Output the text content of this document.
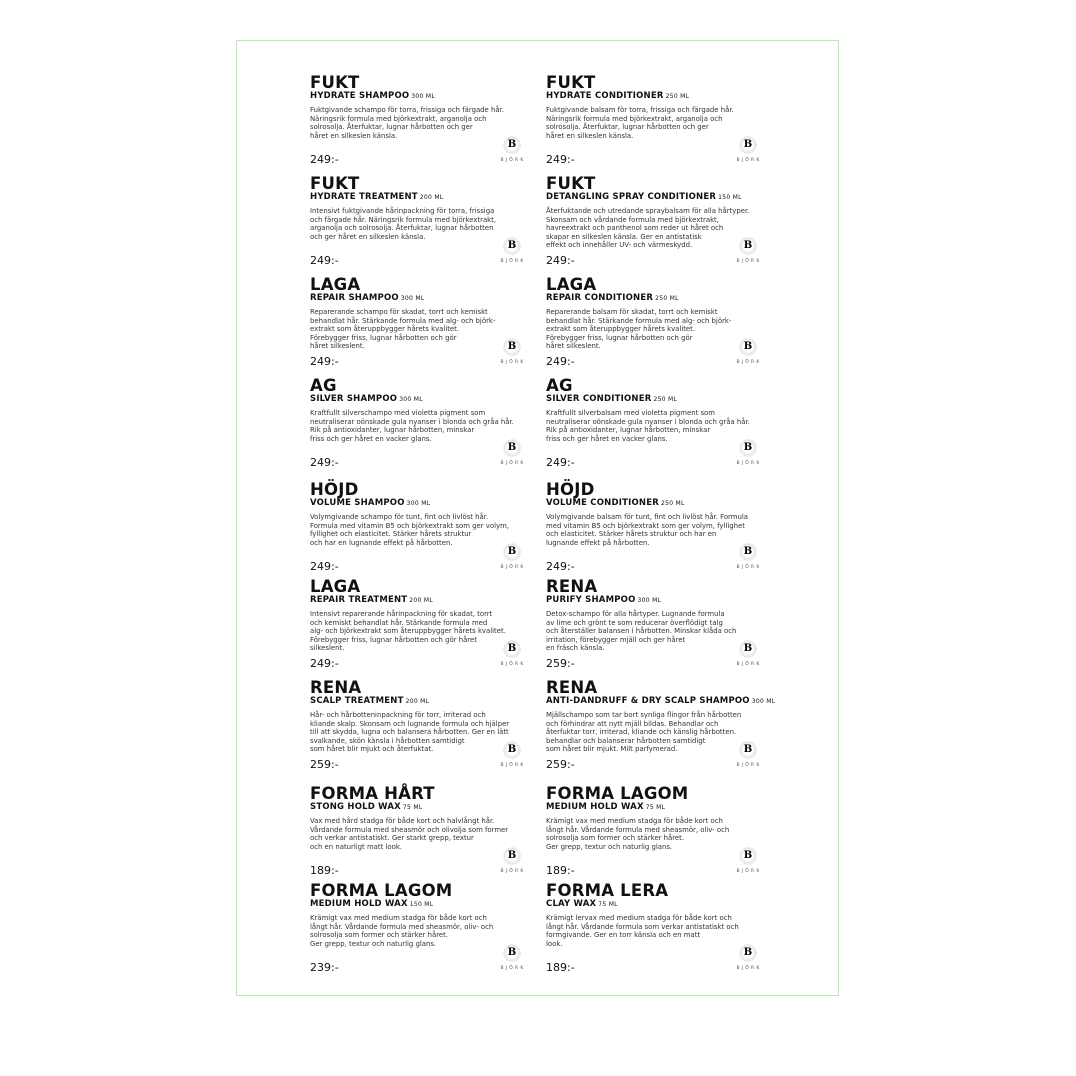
FUKT
HYDRATE SHAMPOO 300 ML
Fuktgivande schampo för torra, frissiga och färgade hår.
Näringsrik formula med björkextrakt, arganolja och
solrosolja. Återfuktar, lugnar hårbotten och ger
håret en silkeslen känsla.
249:-
B
BJÖRK
FUKT
HYDRATE CONDITIONER 250 ML
Fuktgivande balsam för torra, frissiga och färgade hår.
Näringsrik formula med björkextrakt, arganolja och
solrosolja. Återfuktar, lugnar hårbotten och ger
håret en silkeslen känsla.
249:-
B
BJÖRK
FUKT
HYDRATE TREATMENT 200 ML
Intensivt fuktgivande hårinpackning för torra, frissiga
och färgade hår. Näringsrik formula med björkextrakt,
arganolja och solrosolja. Återfuktar, lugnar hårbotten
och ger håret en silkeslen känsla.
249:-
B
BJÖRK
FUKT
DETANGLING SPRAY CONDITIONER 150 ML
Återfuktande och utredande spraybalsam för alla hårtyper.
Skonsam och vårdande formula med björkextrakt,
havreextrakt och panthenol som reder ut håret och
skapar en silkeslen känsla. Ger en antistatisk
effekt och innehåller UV- och värmeskydd.
249:-
B
BJÖRK
LAGA
REPAIR SHAMPOO 300 ML
Reparerande schampo för skadat, torrt och kemiskt
behandlat hår. Stärkande formula med alg- och björk-
extrakt som återuppbygger hårets kvalitet.
Förebygger friss, lugnar hårbotten och gör
håret silkeslent.
249:-
B
BJÖRK
LAGA
REPAIR CONDITIONER 250 ML
Reparerande balsam för skadat, torrt och kemiskt
behandlat hår. Stärkande formula med alg- och björk-
extrakt som återuppbygger hårets kvalitet.
Förebygger friss, lugnar hårbotten och gör
håret silkeslent.
249:-
B
BJÖRK
AG
SILVER SHAMPOO 300 ML
Kraftfullt silverschampo med violetta pigment som
neutraliserar oönskade gula nyanser i blonda och gråa hår.
Rik på antioxidanter, lugnar hårbotten, minskar
friss och ger håret en vacker glans.
249:-
B
BJÖRK
AG
SILVER CONDITIONER 250 ML
Kraftfullt silverbalsam med violetta pigment som
neutraliserar oönskade gula nyanser i blonda och gråa hår.
Rik på antioxidanter, lugnar hårbotten, minskar
friss och ger håret en vacker glans.
249:-
B
BJÖRK
HÖJD
VOLUME SHAMPOO 300 ML
Volymgivande schampo för tunt, fint och livlöst hår.
Formula med vitamin B5 och björkextrakt som ger volym,
fyllighet och elasticitet. Stärker hårets struktur
och har en lugnande effekt på hårbotten.
249:-
B
BJÖRK
HÖJD
VOLUME CONDITIONER 250 ML
Volymgivande balsam för tunt, fint och livlöst hår. Formula
med vitamin B5 och björkextrakt som ger volym, fyllighet
och elasticitet. Stärker hårets struktur och har en
lugnande effekt på hårbotten.
249:-
B
BJÖRK
LAGA
REPAIR TREATMENT 200 ML
Intensivt reparerande hårinpackning för skadat, torrt
och kemiskt behandlat hår. Stärkande formula med
alg- och björkextrakt som återuppbygger hårets kvalitet.
Förebygger friss, lugnar hårbotten och gör håret
silkeslent.
249:-
B
BJÖRK
RENA
PURIFY SHAMPOO 300 ML
Detox-schampo för alla hårtyper. Lugnande formula
av lime och grönt te som reducerar överflödigt talg
och återställer balansen i hårbotten. Minskar klåda och
irritation, förebygger mjäll och ger håret
en fräsch känsla.
259:-
B
BJÖRK
RENA
SCALP TREATMENT 200 ML
Hår- och hårbotteninpackning för torr, irriterad och
kliande skalp. Skonsam och lugnande formula och hjälper
till att skydda, lugna och balansera hårbotten. Ger en lätt
svalkande, skön känsla i hårbotten samtidigt
som håret blir mjukt och återfuktat.
259:-
B
BJÖRK
RENA
ANTI-DANDRUFF & DRY SCALP SHAMPOO 300 ML
Mjällschampo som tar bort synliga flingor från hårbotten
och förhindrar att nytt mjäll bildas. Behandlar och
återfuktar torr, irriterad, kliande och känslig hårbotten.
behandlar och balanserar hårbotten samtidigt
som håret blir mjukt. Milt parfymerad.
259:-
B
BJÖRK
FORMA HÅRT
STONG HOLD WAX 75 ML
Vax med hård stadga för både kort och halvlångt hår.
Vårdande formula med sheasmör och olivolja som former
och verkar antistatiskt. Ger starkt grepp, textur
och en naturligt matt look.
189:-
B
BJÖRK
FORMA LAGOM
MEDIUM HOLD WAX 75 ML
Krämigt vax med medium stadga för både kort och
långt hår. Vårdande formula med sheasmör, oliv- och
solrosolja som former och stärker håret.
Ger grepp, textur och naturlig glans.
189:-
B
BJÖRK
FORMA LAGOM
MEDIUM HOLD WAX 150 ML
Krämigt vax med medium stadga för både kort och
långt hår. Vårdande formula med sheasmör, oliv- och
solrosolja som former och stärker håret.
Ger grepp, textur och naturlig glans.
239:-
B
BJÖRK
FORMA LERA
CLAY WAX 75 ML
Krämigt lervax med medium stadga för både kort och
långt hår. Vårdande formula som verkar antistatiskt och
formgivande. Ger en torr känsla och en matt
look.
189:-
B
BJÖRK
